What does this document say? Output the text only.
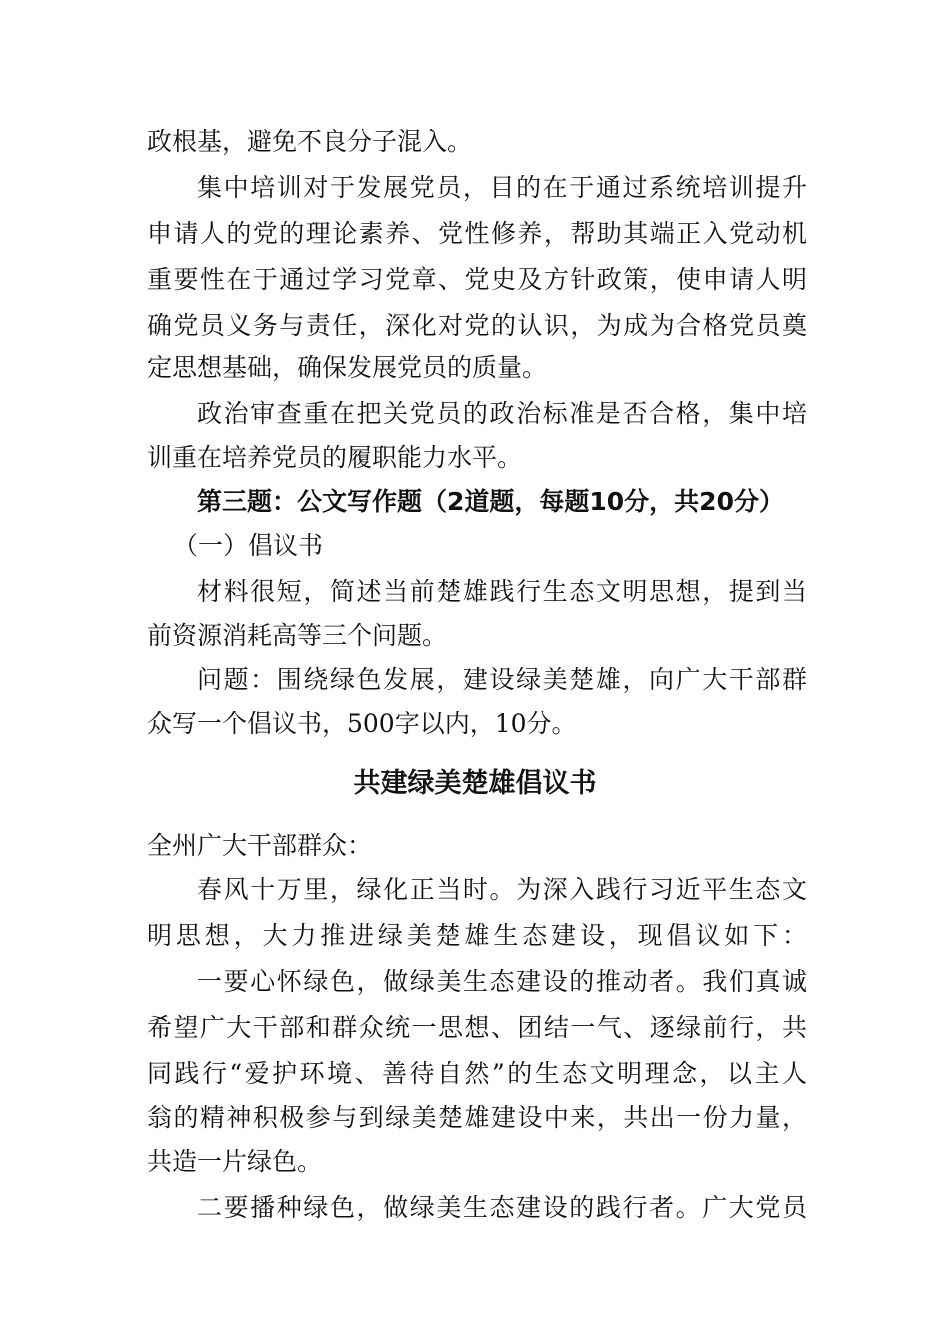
政根基，避免不良分子混入。
集中培训对于发展党员，目的在于通过系统培训提升
申请人的党的理论素养、党性修养，帮助其端正入党动机
重要性在于通过学习党章、党史及方针政策，使申请人明
确党员义务与责任，深化对党的认识，为成为合格党员奠
定思想基础，确保发展党员的质量。
政治审查重在把关党员的政治标准是否合格，集中培
训重在培养党员的履职能力水平。
第三题：公文写作题（2道题，每题10分，共20分）
（一）倡议书
材料很短，简述当前楚雄践行生态文明思想，提到当
前资源消耗高等三个问题。
问题：围绕绿色发展，建设绿美楚雄，向广大干部群
众写一个倡议书，500字以内，10分。
共建绿美楚雄倡议书
全州广大干部群众：
春风十万里，绿化正当时。为深入践行习近平生态文
明思想，大力推进绿美楚雄生态建设，现倡议如下：
一要心怀绿色，做绿美生态建设的推动者。我们真诚
希望广大干部和群众统一思想、团结一气、逐绿前行，共
同践行“爱护环境、善待自然”的生态文明理念，以主人
翁的精神积极参与到绿美楚雄建设中来，共出一份力量，
共造一片绿色。
二要播种绿色，做绿美生态建设的践行者。广大党员
